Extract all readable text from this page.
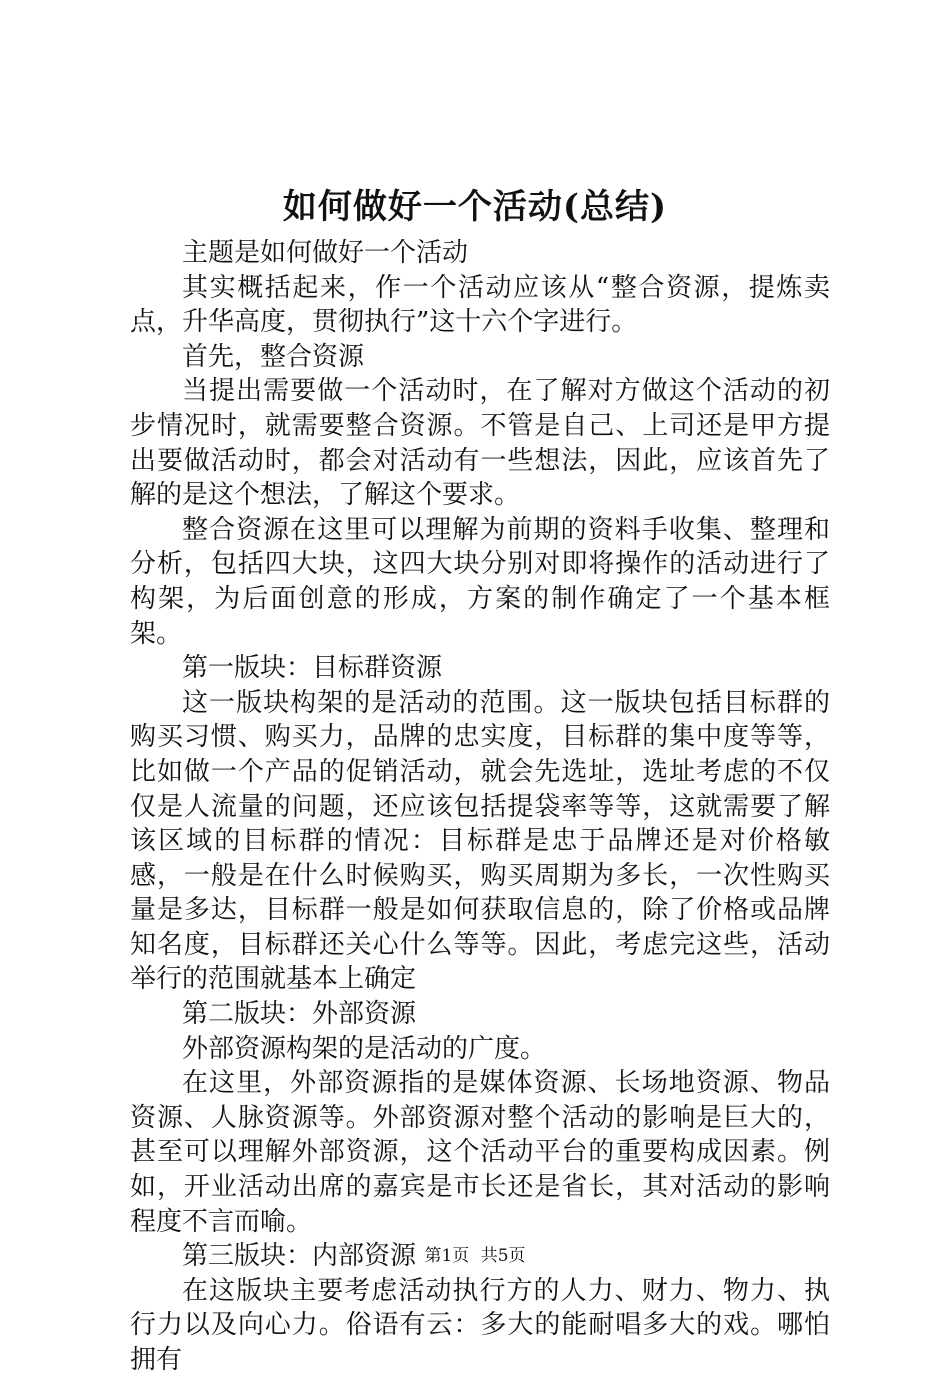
如何做好一个活动(总结)

主题是如何做好一个活动

其实概括起来，作一个活动应该从“整合资源，提炼卖点，升华高度，贯彻执行”这十六个字进行。

首先，整合资源

当提出需要做一个活动时，在了解对方做这个活动的初步情况时，就需要整合资源。不管是自己、上司还是甲方提出要做活动时，都会对活动有一些想法，因此，应该首先了解的是这个想法，了解这个要求。

整合资源在这里可以理解为前期的资料手收集、整理和分析，包括四大块，这四大块分别对即将操作的活动进行了构架，为后面创意的形成，方案的制作确定了一个基本框架。

第一版块：目标群资源

这一版块构架的是活动的范围。这一版块包括目标群的购买习惯、购买力，品牌的忠实度，目标群的集中度等等，比如做一个产品的促销活动，就会先选址，选址考虑的不仅仅是人流量的问题，还应该包括提袋率等等，这就需要了解该区域的目标群的情况：目标群是忠于品牌还是对价格敏感，一般是在什么时候购买，购买周期为多长，一次性购买量是多达，目标群一般是如何获取信息的，除了价格或品牌知名度，目标群还关心什么等等。因此，考虑完这些，活动举行的范围就基本上确定

第二版块：外部资源

外部资源构架的是活动的广度。

在这里，外部资源指的是媒体资源、长场地资源、物品资源、人脉资源等。外部资源对整个活动的影响是巨大的，甚至可以理解外部资源，这个活动平台的重要构成因素。例如，开业活动出席的嘉宾是市长还是省长，其对活动的影响程度不言而喻。

第三版块：内部资源

在这版块主要考虑活动执行方的人力、财力、物力、执行力以及向心力。俗语有云：多大的能耐唱多大的戏。哪怕拥有

第1页 共5页
